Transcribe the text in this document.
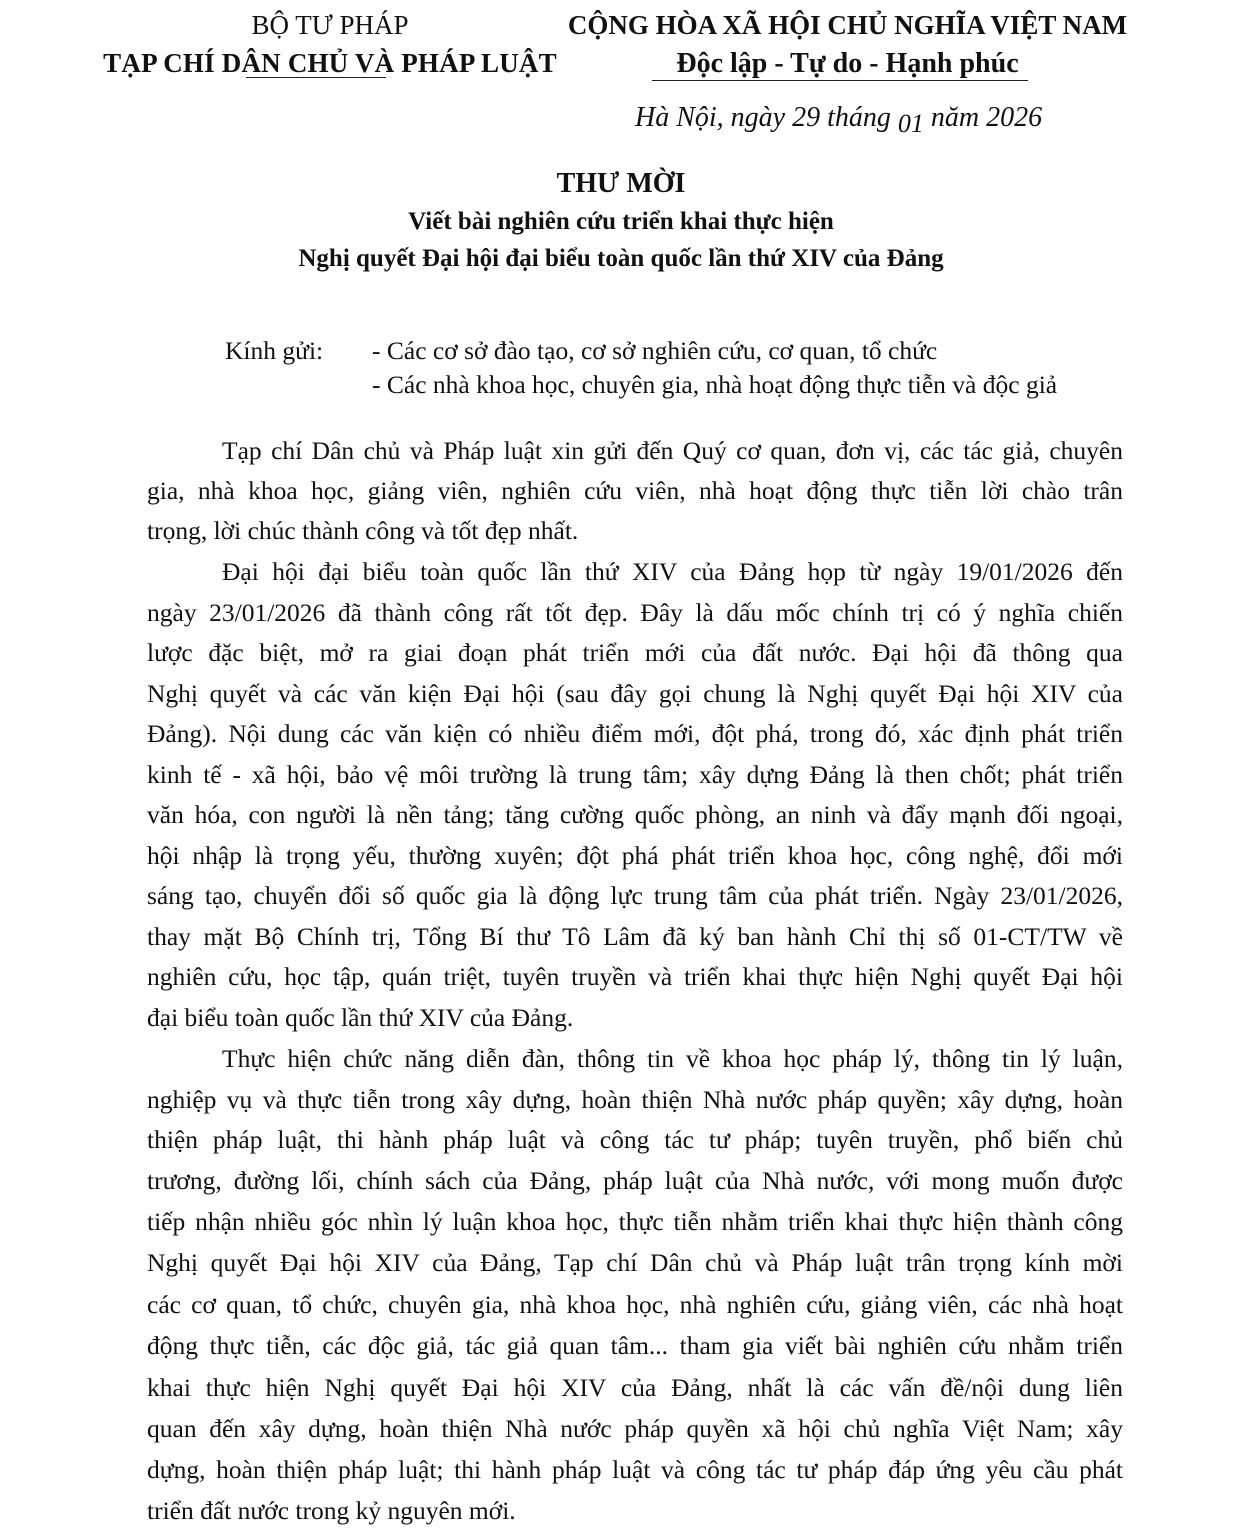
BỘ TƯ PHÁP
TẠP CHÍ DÂN CHỦ VÀ PHÁP LUẬT
CỘNG HÒA XÃ HỘI CHỦ NGHĨA VIỆT NAM
Độc lập - Tự do - Hạnh phúc
Hà Nội, ngày 29 tháng 01 năm 2026
THƯ MỜI
Viết bài nghiên cứu triển khai thực hiện
Nghị quyết Đại hội đại biểu toàn quốc lần thứ XIV của Đảng
Kính gửi: - Các cơ sở đào tạo, cơ sở nghiên cứu, cơ quan, tổ chức
- Các nhà khoa học, chuyên gia, nhà hoạt động thực tiễn và độc giả
Tạp chí Dân chủ và Pháp luật xin gửi đến Quý cơ quan, đơn vị, các tác giả, chuyên
gia, nhà khoa học, giảng viên, nghiên cứu viên, nhà hoạt động thực tiễn lời chào trân
trọng, lời chúc thành công và tốt đẹp nhất.
Đại hội đại biểu toàn quốc lần thứ XIV của Đảng họp từ ngày 19/01/2026 đến
ngày 23/01/2026 đã thành công rất tốt đẹp. Đây là dấu mốc chính trị có ý nghĩa chiến
lược đặc biệt, mở ra giai đoạn phát triển mới của đất nước. Đại hội đã thông qua
Nghị quyết và các văn kiện Đại hội (sau đây gọi chung là Nghị quyết Đại hội XIV của
Đảng). Nội dung các văn kiện có nhiều điểm mới, đột phá, trong đó, xác định phát triển
kinh tế - xã hội, bảo vệ môi trường là trung tâm; xây dựng Đảng là then chốt; phát triển
văn hóa, con người là nền tảng; tăng cường quốc phòng, an ninh và đẩy mạnh đối ngoại,
hội nhập là trọng yếu, thường xuyên; đột phá phát triển khoa học, công nghệ, đổi mới
sáng tạo, chuyển đổi số quốc gia là động lực trung tâm của phát triển. Ngày 23/01/2026,
thay mặt Bộ Chính trị, Tổng Bí thư Tô Lâm đã ký ban hành Chỉ thị số 01-CT/TW về
nghiên cứu, học tập, quán triệt, tuyên truyền và triển khai thực hiện Nghị quyết Đại hội
đại biểu toàn quốc lần thứ XIV của Đảng.
Thực hiện chức năng diễn đàn, thông tin về khoa học pháp lý, thông tin lý luận,
nghiệp vụ và thực tiễn trong xây dựng, hoàn thiện Nhà nước pháp quyền; xây dựng, hoàn
thiện pháp luật, thi hành pháp luật và công tác tư pháp; tuyên truyền, phổ biến chủ
trương, đường lối, chính sách của Đảng, pháp luật của Nhà nước, với mong muốn được
tiếp nhận nhiều góc nhìn lý luận khoa học, thực tiễn nhằm triển khai thực hiện thành công
Nghị quyết Đại hội XIV của Đảng, Tạp chí Dân chủ và Pháp luật trân trọng kính mời
các cơ quan, tổ chức, chuyên gia, nhà khoa học, nhà nghiên cứu, giảng viên, các nhà hoạt
động thực tiễn, các độc giả, tác giả quan tâm... tham gia viết bài nghiên cứu nhằm triển
khai thực hiện Nghị quyết Đại hội XIV của Đảng, nhất là các vấn đề/nội dung liên
quan đến xây dựng, hoàn thiện Nhà nước pháp quyền xã hội chủ nghĩa Việt Nam; xây
dựng, hoàn thiện pháp luật; thi hành pháp luật và công tác tư pháp đáp ứng yêu cầu phát
triển đất nước trong kỷ nguyên mới.
